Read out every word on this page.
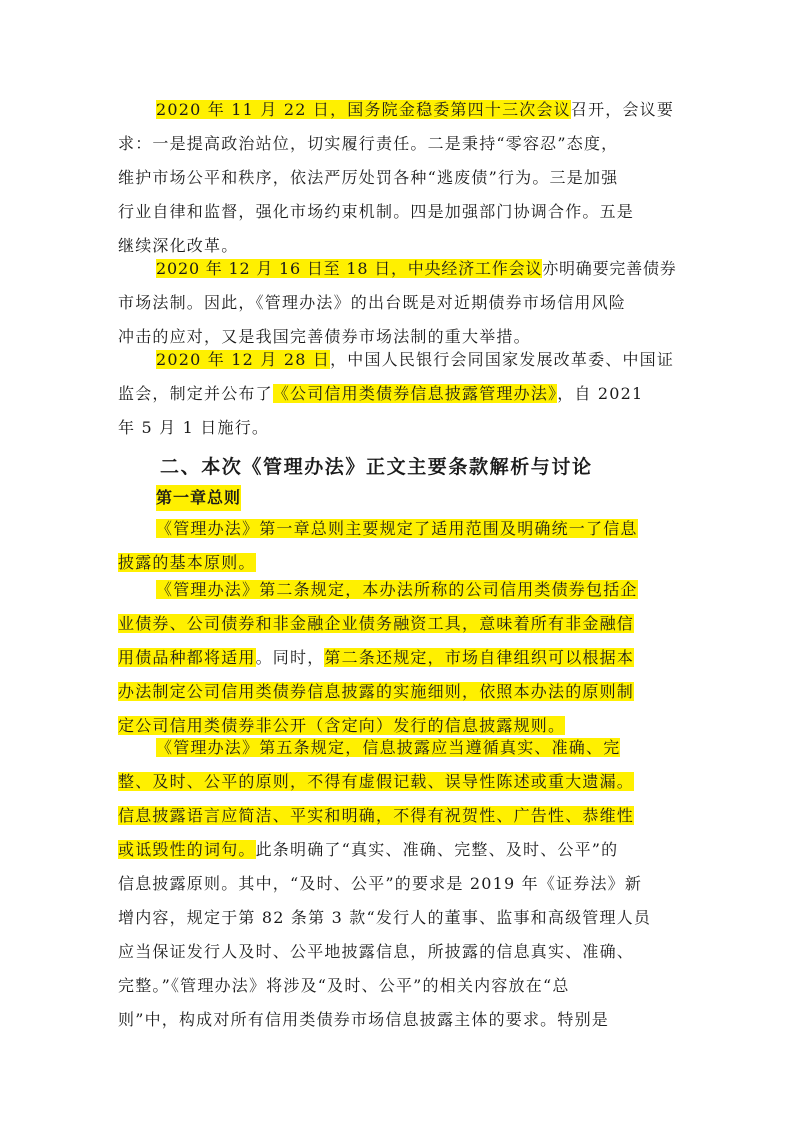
2020 年 11 月 22 日，国务院金稳委第四十三次会议召开，会议要
求：一是提高政治站位，切实履行责任。二是秉持“零容忍”态度，
维护市场公平和秩序，依法严厉处罚各种“逃废债”行为。三是加强
行业自律和监督，强化市场约束机制。四是加强部门协调合作。五是
继续深化改革。
2020 年 12 月 16 日至 18 日，中央经济工作会议亦明确要完善债券
市场法制。因此，《管理办法》的出台既是对近期债券市场信用风险
冲击的应对，又是我国完善债券市场法制的重大举措。
2020 年 12 月 28 日，中国人民银行会同国家发展改革委、中国证
监会，制定并公布了《公司信用类债券信息披露管理办法》，自 2021
年 5 月 1 日施行。
二、本次《管理办法》正文主要条款解析与讨论
第一章总则
《管理办法》第一章总则主要规定了适用范围及明确统一了信息
披露的基本原则。
《管理办法》第二条规定，本办法所称的公司信用类债券包括企
业债券、公司债券和非金融企业债务融资工具，意味着所有非金融信
用债品种都将适用。同时，第二条还规定，市场自律组织可以根据本
办法制定公司信用类债券信息披露的实施细则，依照本办法的原则制
定公司信用类债券非公开（含定向）发行的信息披露规则。
《管理办法》第五条规定，信息披露应当遵循真实、准确、完
整、及时、公平的原则，不得有虚假记载、误导性陈述或重大遗漏。
信息披露语言应简洁、平实和明确，不得有祝贺性、广告性、恭维性
或诋毁性的词句。此条明确了“真实、准确、完整、及时、公平”的
信息披露原则。其中，“及时、公平”的要求是 2019 年《证券法》新
增内容，规定于第 82 条第 3 款“发行人的董事、监事和高级管理人员
应当保证发行人及时、公平地披露信息，所披露的信息真实、准确、
完整。”《管理办法》将涉及“及时、公平”的相关内容放在“总
则”中，构成对所有信用类债券市场信息披露主体的要求。特别是
